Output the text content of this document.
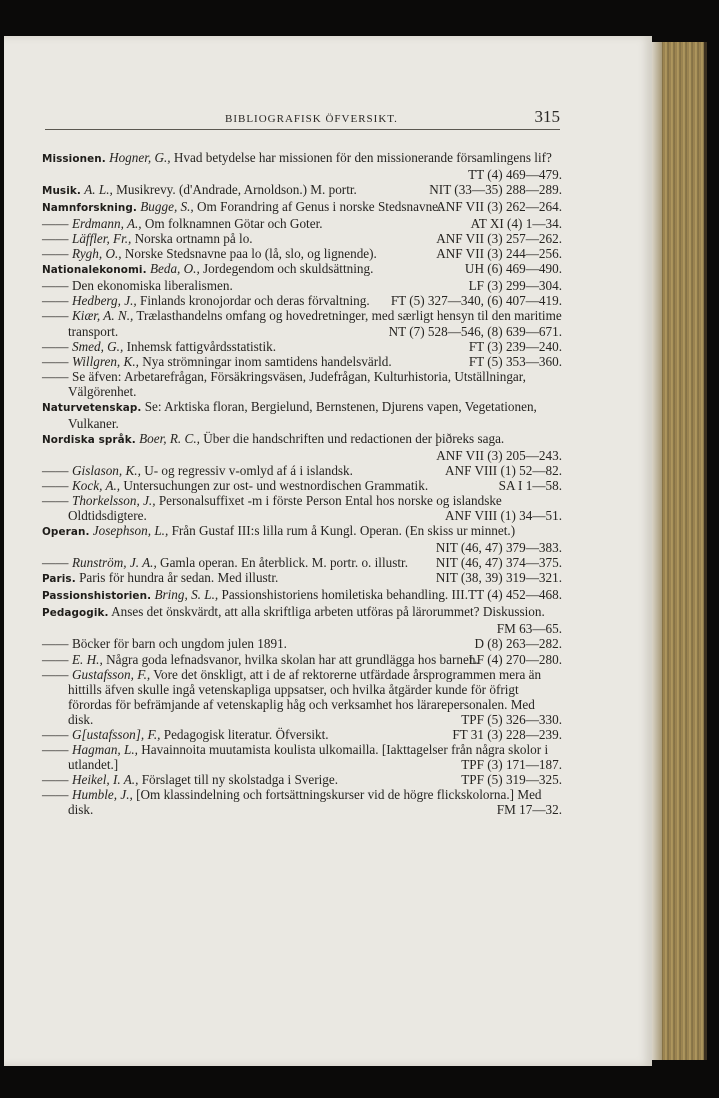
BIBLIOGRAFISK ÖFVERSIKT.	315

Missionen. Hogner, G., Hvad betydelse har missionen för den missionerande församlingens lif?
TT (4) 469—479.

Musik. A. L., Musikrevy. (d'Andrade, Arnoldson.) M. portr.	NIT (33—35) 288—289.

Namnforskning. Bugge, S., Om Forandring af Genus i norske Stedsnavne.
ANF VII (3) 262—264.

—— Erdmann, A., Om folknamnen Götar och Goter.	AT XI (4) 1—34.

—— Läffler, Fr., Norska ortnamn på lo.	ANF VII (3) 257—262.

—— Rygh, O., Norske Stedsnavne paa lo (lå, slo, og lignende).	ANF VII (3) 244—256.

Nationalekonomi. Beda, O., Jordegendom och skuldsättning.	UH (6) 469—490.

—— Den ekonomiska liberalismen.	LF (3) 299—304.

—— Hedberg, J., Finlands kronojordar och deras förvaltning. FT (5) 327—340, (6) 407—419.

—— Kiær, A. N., Trælasthandelns omfang og hovedretninger, med særligt hensyn til den maritime transport.	NT (7) 528—546, (8) 639—671.

—— Smed, G., Inhemsk fattigvårdsstatistik.	FT (3) 239—240.

—— Willgren, K., Nya strömningar inom samtidens handelsvärld.	FT (5) 353—360.

—— Se äfven: Arbetarefrågan, Försäkringsväsen, Judefrågan, Kulturhistoria, Utställningar, Välgörenhet.

Naturvetenskap. Se: Arktiska floran, Bergielund, Bernstenen, Djurens vapen, Vegetationen, Vulkaner.

Nordiska språk. Boer, R. C., Über die handschriften und redactionen der þiðreks saga.
ANF VII (3) 205—243.

—— Gislason, K., U- og regressiv v-omlyd af á i islandsk.	ANF VIII (1) 52—82.

—— Kock, A., Untersuchungen zur ost- und westnordischen Grammatik.	SA I 1—58.

—— Thorkelsson, J., Personalsuffixet -m i förste Person Ental hos norske og islandske Oldtidsdigtere.	ANF VIII (1) 34—51.

Operan. Josephson, L., Från Gustaf III:s lilla rum å Kungl. Operan. (En skiss ur minnet.)
NIT (46, 47) 379—383.

—— Runström, J. A., Gamla operan. En återblick. M. portr. o. illustr. NIT (46, 47) 374—375.

Paris. Paris för hundra år sedan. Med illustr.	NIT (38, 39) 319—321.

Passionshistorien. Bring, S. L., Passionshistoriens homiletiska behandling. III. TT (4) 452—468.

Pedagogik. Anses det önskvärdt, att alla skriftliga arbeten utföras på lärorummet? Diskussion.
FM 63—65.

—— Böcker för barn och ungdom julen 1891.	D (8) 263—282.

—— E. H., Några goda lefnadsvanor, hvilka skolan har att grundlägga hos barnen.
LF (4) 270—280.

—— Gustafsson, F., Vore det önskligt, att i de af rektorerne utfärdade årsprogrammen mera än hittills äfven skulle ingå vetenskapliga uppsatser, och hvilka åtgärder kunde för öfrigt förordas för befrämjande af vetenskaplig håg och verksamhet hos lärarepersonalen. Med disk.	TPF (5) 326—330.

—— G[ustafsson], F., Pedagogisk literatur. Öfversikt.	FT 31 (3) 228—239.

—— Hagman, L., Havainnoita muutamista koulista ulkomailla. [Iakttagelser från några skolor i utlandet.]	TPF (3) 171—187.

—— Heikel, I. A., Förslaget till ny skolstadga i Sverige.	TPF (5) 319—325.

—— Humble, J., [Om klassindelning och fortsättningskurser vid de högre flickskolorna.] Med disk.	FM 17—32.
